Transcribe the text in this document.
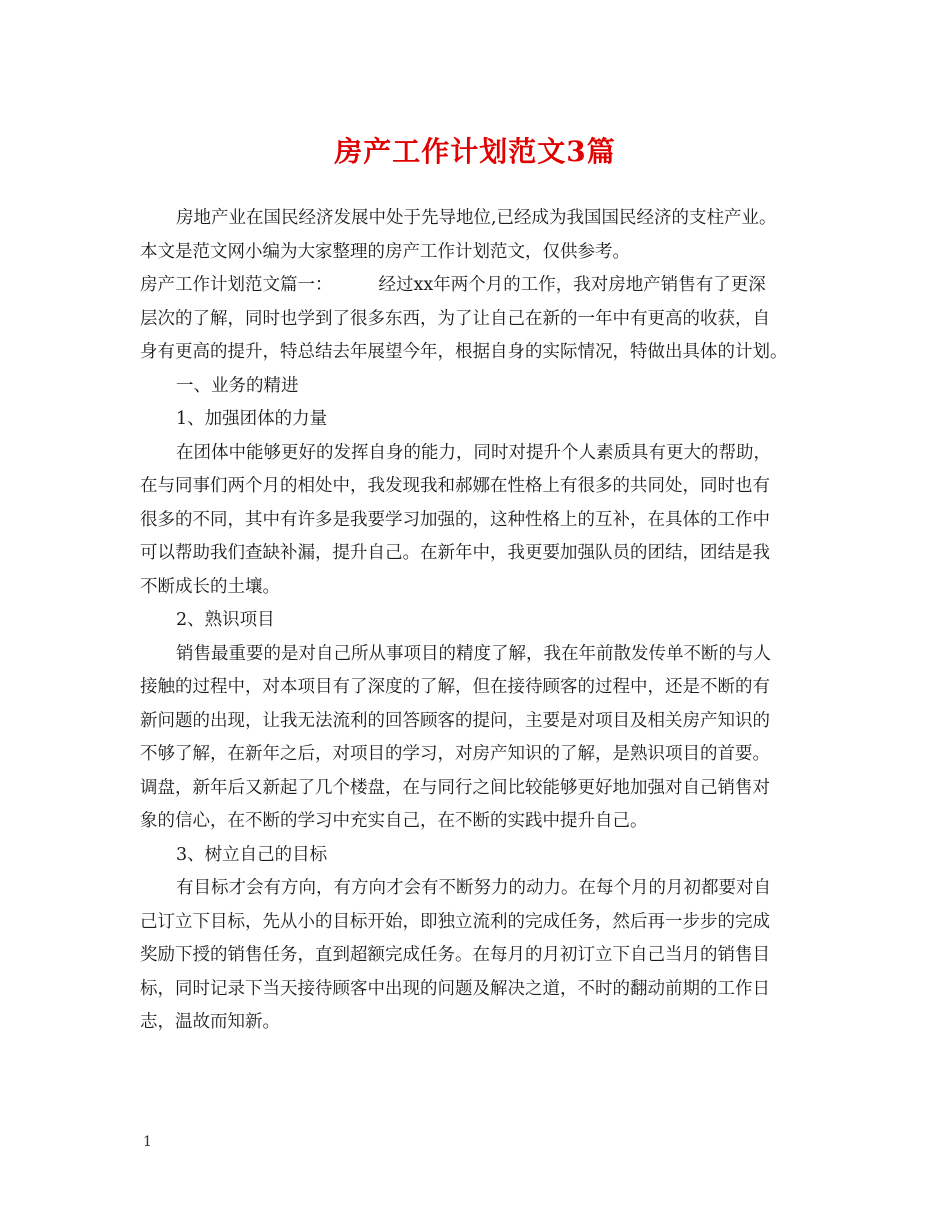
房产工作计划范文3篇
房地产业在国民经济发展中处于先导地位,已经成为我国国民经济的支柱产业。
本文是范文网小编为大家整理的房产工作计划范文，仅供参考。
房产工作计划范文篇一：	经过xx年两个月的工作，我对房地产销售有了更深
层次的了解，同时也学到了很多东西，为了让自己在新的一年中有更高的收获，自
身有更高的提升，特总结去年展望今年，根据自身的实际情况，特做出具体的计划。
一、业务的精进
1、加强团体的力量
在团体中能够更好的发挥自身的能力，同时对提升个人素质具有更大的帮助，
在与同事们两个月的相处中，我发现我和郝娜在性格上有很多的共同处，同时也有
很多的不同，其中有许多是我要学习加强的，这种性格上的互补，在具体的工作中
可以帮助我们查缺补漏，提升自己。在新年中，我更要加强队员的团结，团结是我
不断成长的土壤。
2、熟识项目
销售最重要的是对自己所从事项目的精度了解，我在年前散发传单不断的与人
接触的过程中，对本项目有了深度的了解，但在接待顾客的过程中，还是不断的有
新问题的出现，让我无法流利的回答顾客的提问，主要是对项目及相关房产知识的
不够了解，在新年之后，对项目的学习，对房产知识的了解，是熟识项目的首要。
调盘，新年后又新起了几个楼盘，在与同行之间比较能够更好地加强对自己销售对
象的信心，在不断的学习中充实自己，在不断的实践中提升自己。
3、树立自己的目标
有目标才会有方向，有方向才会有不断努力的动力。在每个月的月初都要对自
己订立下目标，先从小的目标开始，即独立流利的完成任务，然后再一步步的完成
奖励下授的销售任务，直到超额完成任务。在每月的月初订立下自己当月的销售目
标，同时记录下当天接待顾客中出现的问题及解决之道，不时的翻动前期的工作日
志，温故而知新。
1
